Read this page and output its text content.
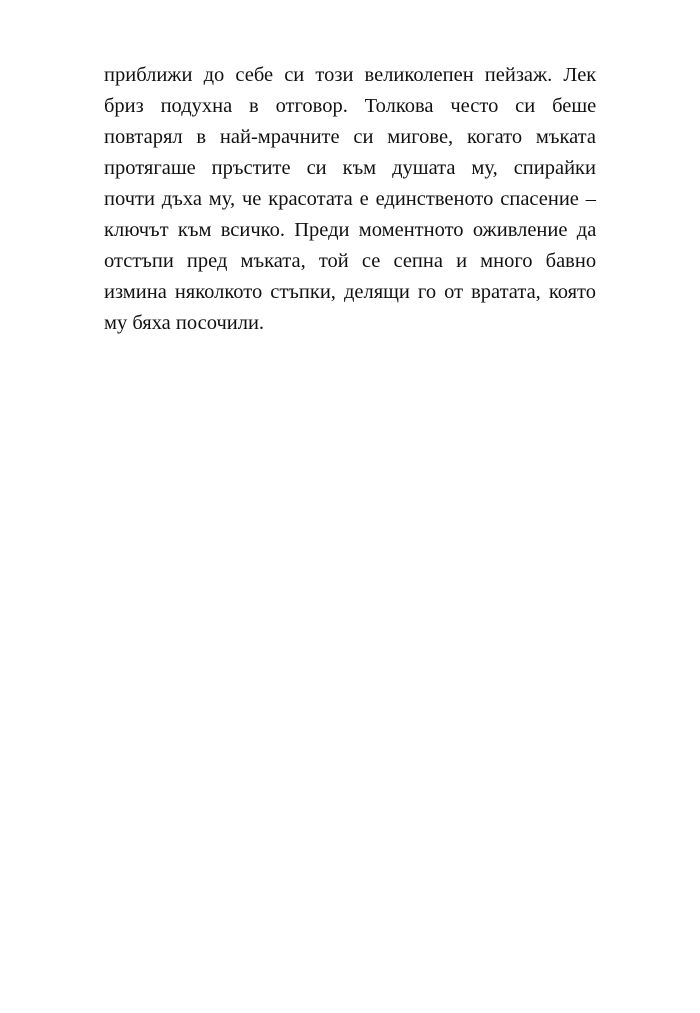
приближи до себе си този великолепен пейзаж. Лек
бриз подухна в отговор. Толкова често си беше
повтарял в най-мрачните си мигове, когато мъката
протягаше пръстите си към душата му, спирайки
почти дъха му, че красотата е единственото спасение –
ключът към всичко. Преди моментното оживление да
отстъпи пред мъката, той се сепна и много бавно
измина няколкото стъпки, делящи го от вратата, която
му бяха посочили.
